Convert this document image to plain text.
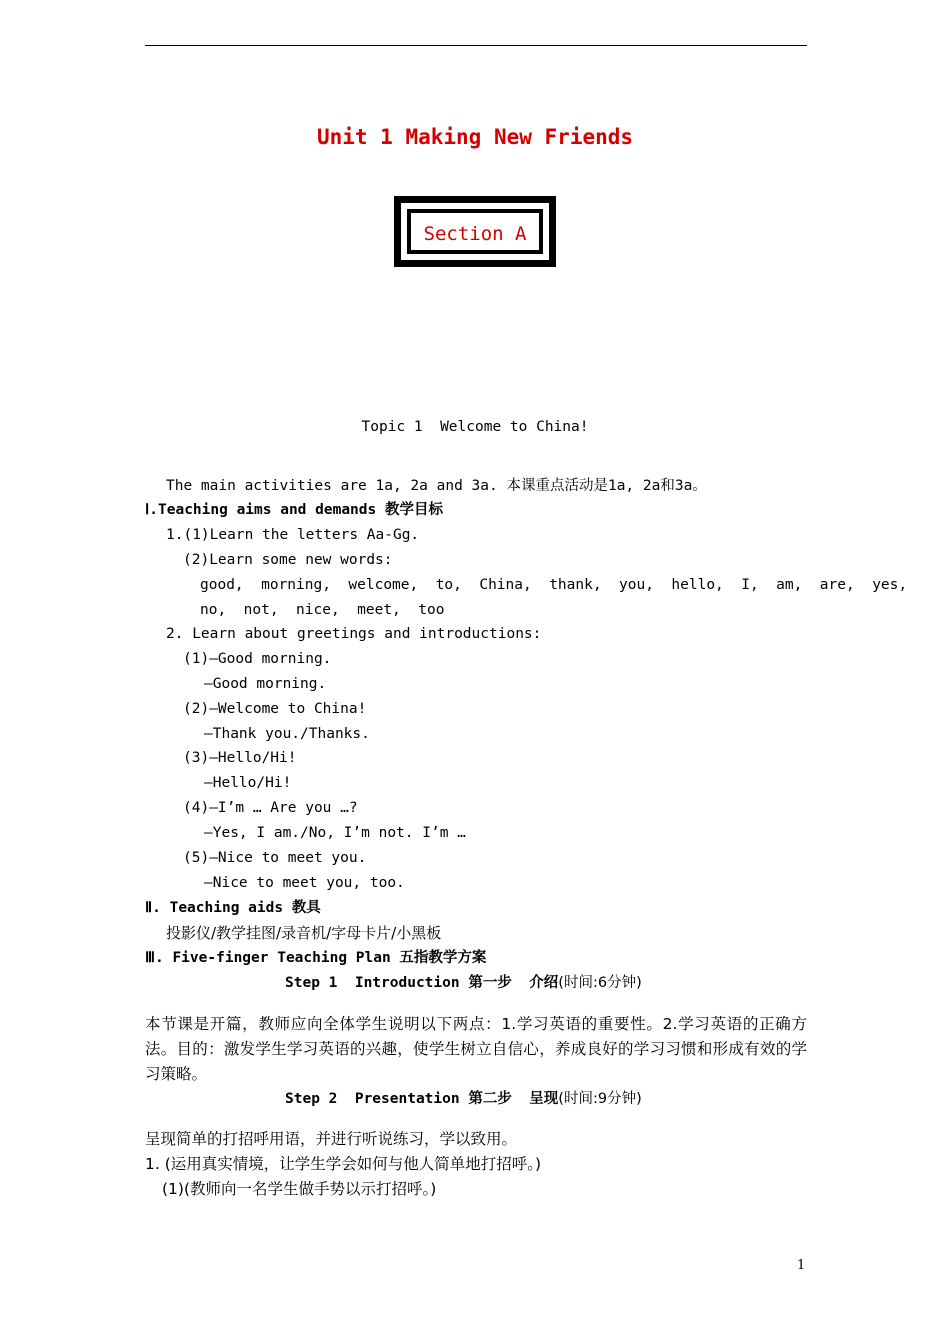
Unit 1 Making New Friends
Section A
Topic 1  Welcome to China!
The main activities are 1a, 2a and 3a. 本课重点活动是1a, 2a和3a。
Ⅰ.Teaching aims and demands 教学目标
1.(1)Learn the letters Aa-Gg.
(2)Learn some new words:
good,  morning,  welcome,  to,  China,  thank,  you,  hello,  I,  am,  are,  yes,
no,  not,  nice,  meet,  too
2. Learn about greetings and introductions:
(1)—Good morning.
—Good morning.
(2)—Welcome to China!
—Thank you./Thanks.
(3)—Hello/Hi!
—Hello/Hi!
(4)—I’m … Are you …?
—Yes, I am./No, I’m not. I’m …
(5)—Nice to meet you.
—Nice to meet you, too.
Ⅱ. Teaching aids 教具
投影仪/教学挂图/录音机/字母卡片/小黑板
Ⅲ. Five-finger Teaching Plan 五指教学方案
Step 1  Introduction 第一步  介绍(时间:6分钟)
本节课是开篇，教师应向全体学生说明以下两点：1.学习英语的重要性。2.学习英语的正确方法。目的：激发学生学习英语的兴趣，使学生树立自信心，养成良好的学习习惯和形成有效的学习策略。
Step 2  Presentation 第二步  呈现(时间:9分钟)
呈现简单的打招呼用语，并进行听说练习，学以致用。
1. (运用真实情境，让学生学会如何与他人简单地打招呼。)
(1)(教师向一名学生做手势以示打招呼。)
1
